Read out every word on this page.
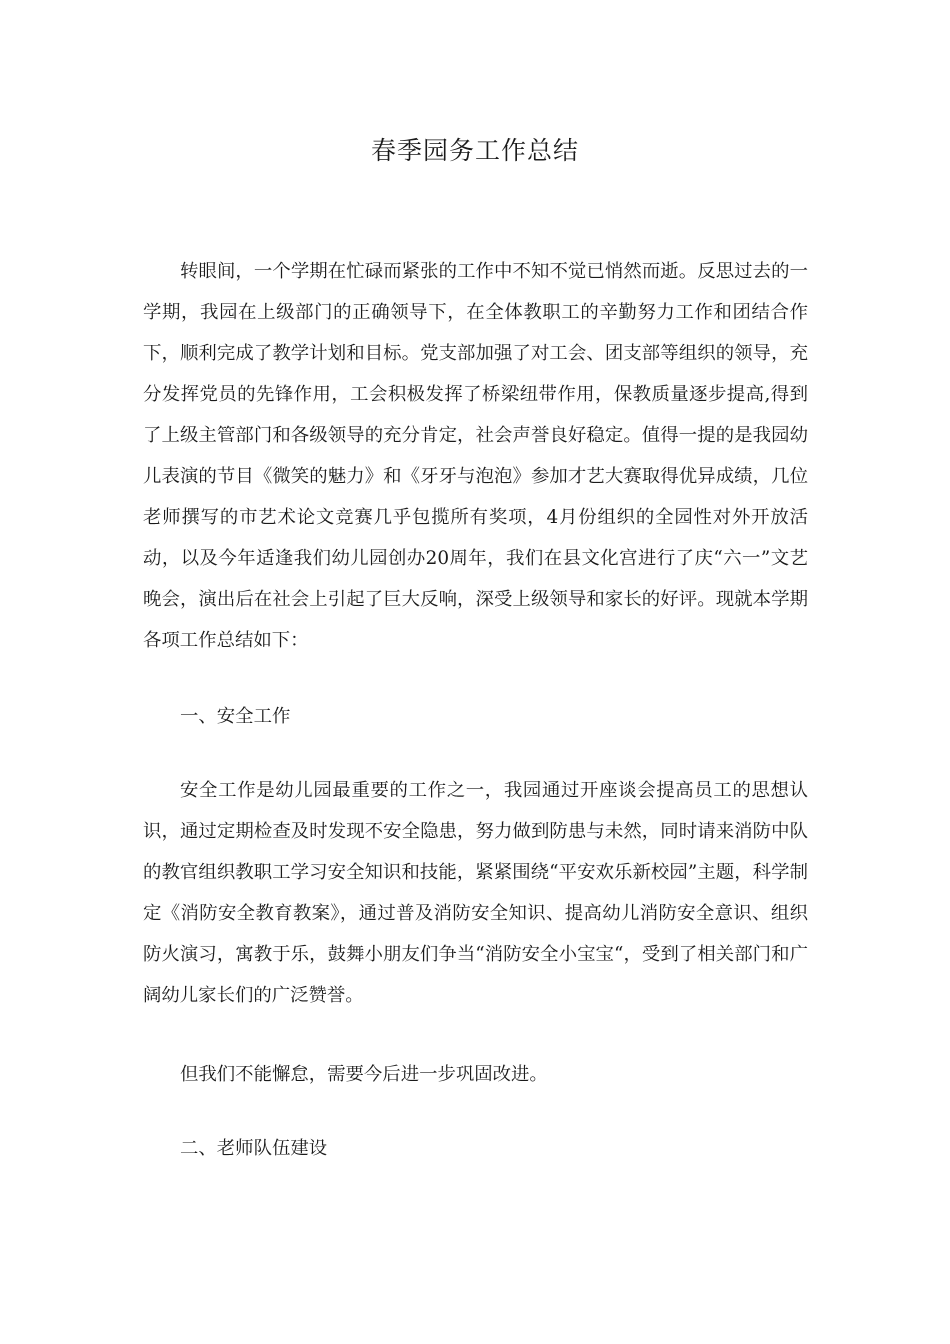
春季园务工作总结

转眼间，一个学期在忙碌而紧张的工作中不知不觉已悄然而逝。反思过去的一学期，我园在上级部门的正确领导下，在全体教职工的辛勤努力工作和团结合作下，顺利完成了教学计划和目标。党支部加强了对工会、团支部等组织的领导，充分发挥党员的先锋作用，工会积极发挥了桥梁纽带作用，保教质量逐步提高,得到了上级主管部门和各级领导的充分肯定，社会声誉良好稳定。值得一提的是我园幼儿表演的节目《微笑的魅力》和《牙牙与泡泡》参加才艺大赛取得优异成绩，几位老师撰写的市艺术论文竞赛几乎包揽所有奖项，4月份组织的全园性对外开放活动，以及今年适逢我们幼儿园创办20周年，我们在县文化宫进行了庆“六一”文艺晚会，演出后在社会上引起了巨大反响，深受上级领导和家长的好评。现就本学期各项工作总结如下：

一、安全工作

安全工作是幼儿园最重要的工作之一，我园通过开座谈会提高员工的思想认识，通过定期检查及时发现不安全隐患，努力做到防患与未然，同时请来消防中队的教官组织教职工学习安全知识和技能，紧紧围绕“平安欢乐新校园”主题，科学制定《消防安全教育教案》，通过普及消防安全知识、提高幼儿消防安全意识、组织防火演习，寓教于乐，鼓舞小朋友们争当“消防安全小宝宝“，受到了相关部门和广阔幼儿家长们的广泛赞誉。

但我们不能懈怠，需要今后进一步巩固改进。

二、老师队伍建设
